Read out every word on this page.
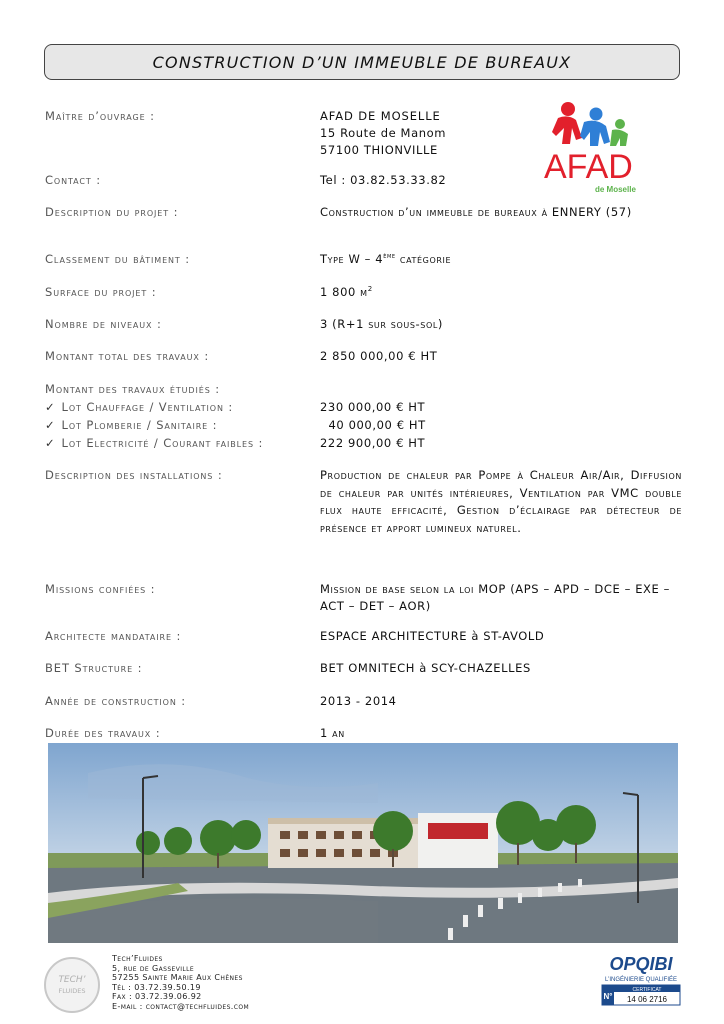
CONSTRUCTION D’UN IMMEUBLE DE BUREAUX
AFAD
de Moselle
Maître d’ouvrage :	AFAD DE MOSELLE
15 Route de Manom
57100 THIONVILLE
Contact :	Tel : 03.82.53.33.82
Description du projet :	Construction d’un immeuble de bureaux à ENNERY (57)
Classement du bâtiment :	Type W – 4ème catégorie
Surface du projet :	1 800 $m^2$
Nombre de niveaux :	3 (R+1 sur sous-sol)
Montant total des travaux :	2 850 000,00 € HT
Montant des travaux étudiés :
✓ Lot Chauffage / Ventilation :	230 000,00 € HT
✓ Lot Plomberie / Sanitaire :	40 000,00 € HT
✓ Lot Electricité / Courant faibles :	222 900,00 € HT
Description des installations :	Production de chaleur par Pompe à Chaleur Air/Air, Diffusion de chaleur par unités intérieures, Ventilation par VMC double flux haute efficacité, Gestion d’éclairage par détecteur de présence et apport lumineux naturel.
Missions confiées :	Mission de base selon la loi MOP (APS – APD – DCE – EXE – ACT – DET – AOR)
Architecte mandataire :	ESPACE ARCHITECTURE à ST-AVOLD
BET Structure :	BET OMNITECH à SCY-CHAZELLES
Année de construction :	2013 - 2014
Durée des travaux :	1 an
TECH’
FLUIDES
Tech’Fluides
5, rue de Gasseville
57255 Sainte Marie Aux Chênes
Tél : 03.72.39.50.19
Fax : 03.72.39.06.92
E-mail : contact@techfluides.com
OPQIBI
L’INGÉNIERIE QUALIFIÉE
N°
CERTIFICAT
14 06 2716
